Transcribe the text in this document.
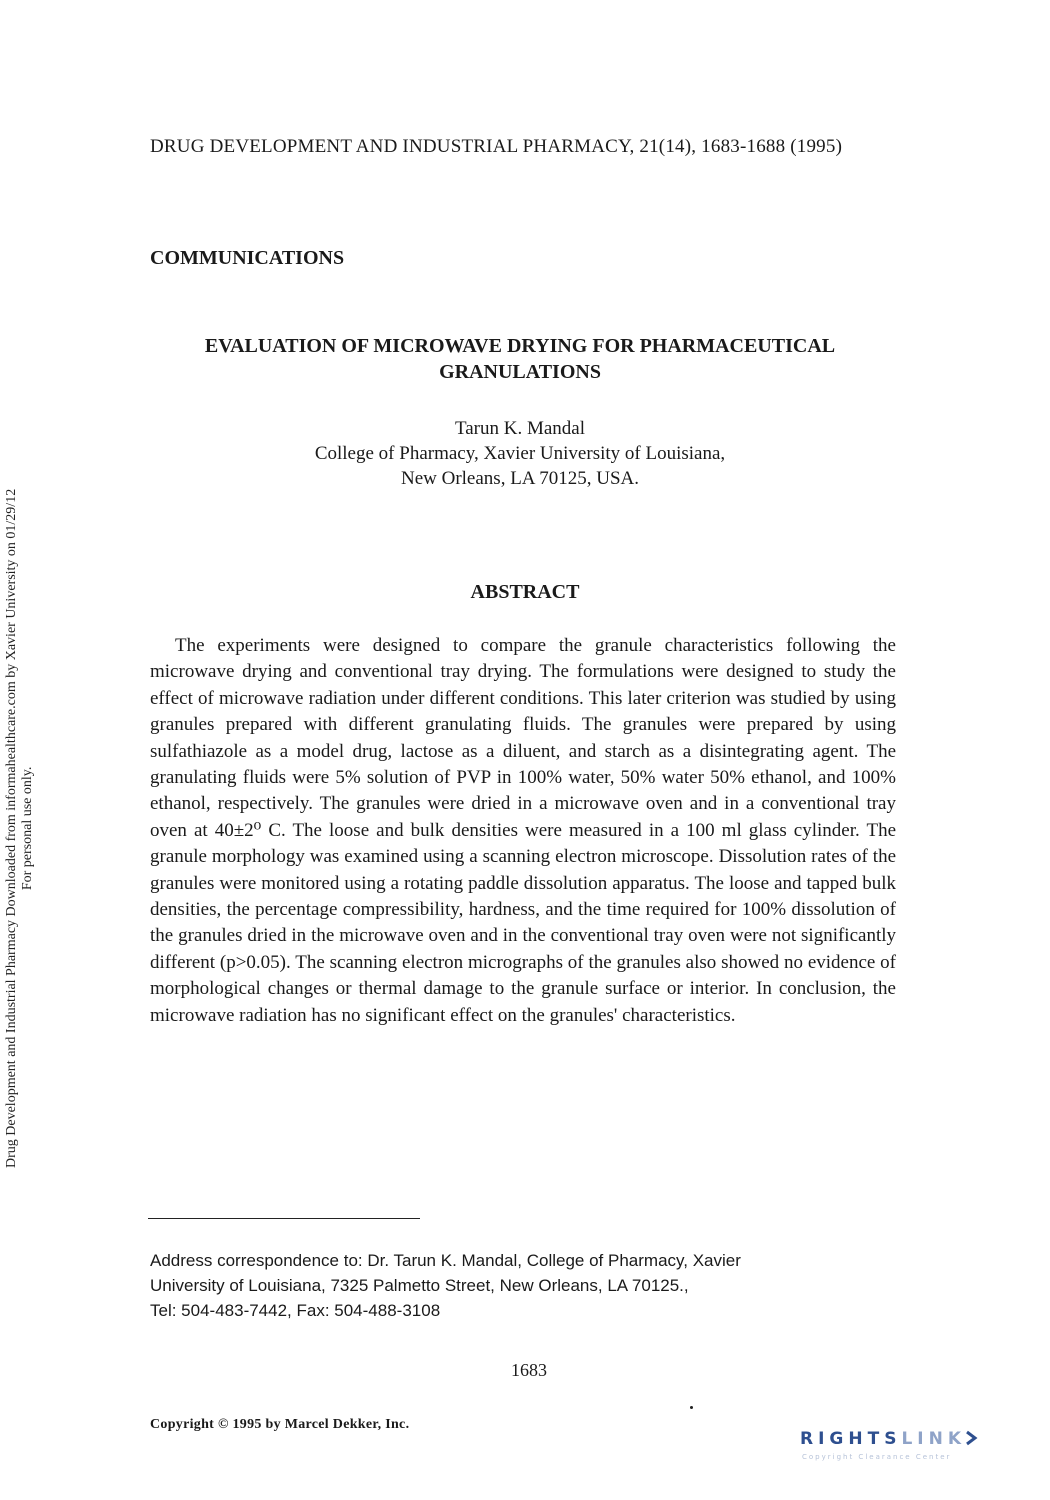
Drug Development and Industrial Pharmacy Downloaded from informahealthcare.com by Xavier University on 01/29/12 For personal use only.
DRUG DEVELOPMENT AND INDUSTRIAL PHARMACY, 21(14), 1683-1688 (1995)
COMMUNICATIONS
EVALUATION OF MICROWAVE DRYING FOR PHARMACEUTICAL
GRANULATIONS
Tarun K. Mandal
College of Pharmacy, Xavier University of Louisiana,
New Orleans, LA 70125, USA.
ABSTRACT

The experiments were designed to compare the granule characteristics following the microwave drying and conventional tray drying. The formulations were designed to study the effect of microwave radiation under different conditions. This later criterion was studied by using granules prepared with different granulating fluids. The granules were prepared by using sulfathiazole as a model drug, lactose as a diluent, and starch as a disintegrating agent. The granulating fluids were 5% solution of PVP in 100% water, 50% water 50% ethanol, and 100% ethanol, respectively. The granules were dried in a microwave oven and in a conventional tray oven at 40±2⁰ C. The loose and bulk densities were measured in a 100 ml glass cylinder. The granule morphology was examined using a scanning electron microscope. Dissolution rates of the granules were monitored using a rotating paddle dissolution apparatus. The loose and tapped bulk densities, the percentage compressibility, hardness, and the time required for 100% dissolution of the granules dried in the microwave oven and in the conventional tray oven were not significantly different (p>0.05). The scanning electron micrographs of the granules also showed no evidence of morphological changes or thermal damage to the granule surface or interior. In conclusion, the microwave radiation has no significant effect on the granules' characteristics.

Address correspondence to: Dr. Tarun K. Mandal, College of Pharmacy, Xavier
University of Louisiana, 7325 Palmetto Street, New Orleans, LA 70125.,
Tel: 504-483-7442, Fax: 504-488-3108
1683
Copyright © 1995 by Marcel Dekker, Inc.
RIGHTSLINK
Copyright Clearance Center
